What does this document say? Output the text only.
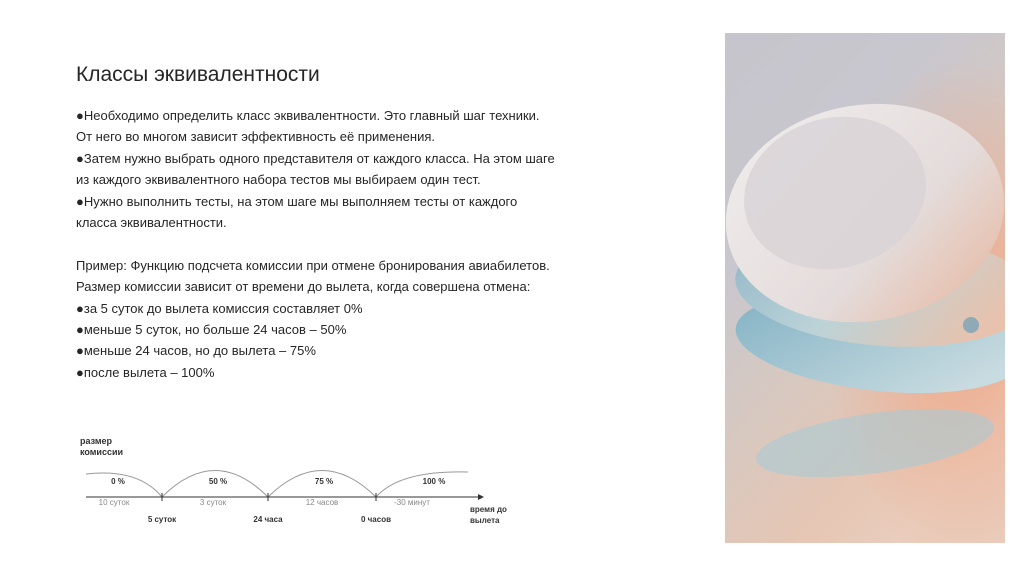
Классы эквивалентности

●Необходимо определить класс эквивалентности. Это главный шаг техники. От него во многом зависит эффективность её применения.

●Затем нужно выбрать одного представителя от каждого класса. На этом шаге из каждого эквивалентного набора тестов мы выбираем один тест.

●Нужно выполнить тесты, на этом шаге мы выполняем тесты от каждого класса эквивалентности.

Пример: Функцию подсчета комиссии при отмене бронирования авиабилетов. Размер комиссии зависит от времени до вылета, когда совершена отмена:

●за 5 суток до вылета комиссия составляет 0%

●меньше 5 суток, но больше 24 часов – 50%

●меньше 24 часов, но до вылета – 75%

●после вылета – 100%

размер
комиссии
0 %	50 %	75 %	100 %
10 суток	3 суток	12 часов	-30 минут
5 суток	24 часа	0 часов
время до
вылета
